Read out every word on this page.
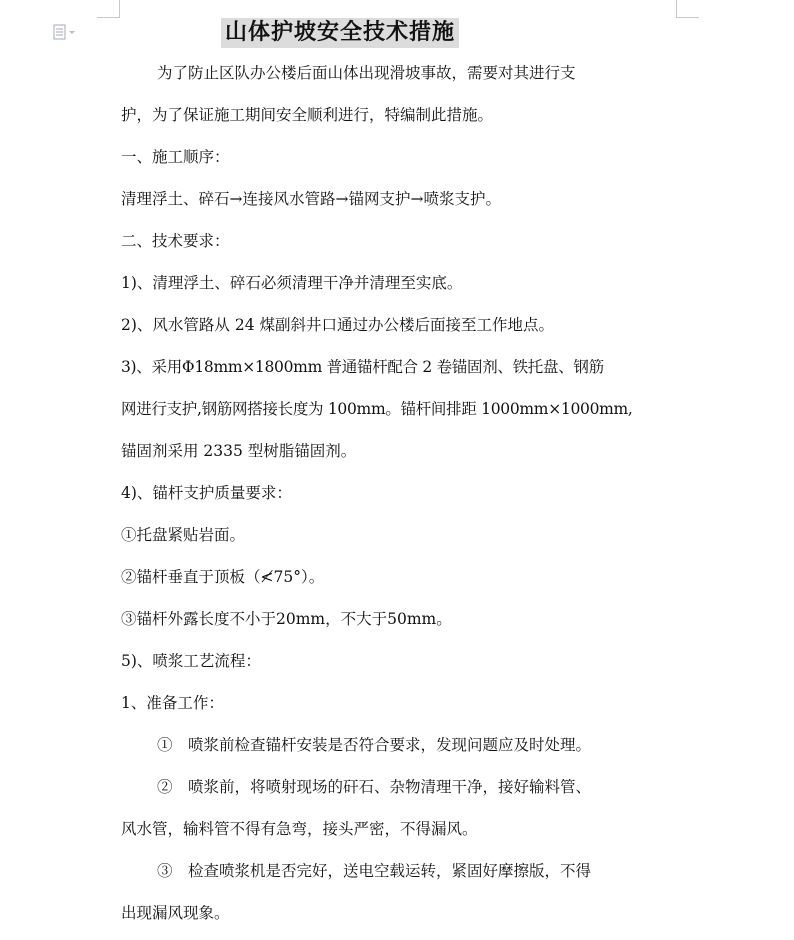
山体护坡安全技术措施

为了防止区队办公楼后面山体出现滑坡事故，需要对其进行支

护，为了保证施工期间安全顺利进行，特编制此措施。

一、施工顺序：

清理浮土、碎石→连接风水管路→锚网支护→喷浆支护。

二、技术要求：

1)、清理浮土、碎石必须清理干净并清理至实底。

2)、风水管路从 24 煤副斜井口通过办公楼后面接至工作地点。

3)、采用Φ18mm×1800mm 普通锚杆配合 2 卷锚固剂、铁托盘、钢筋

网进行支护,钢筋网搭接长度为 100mm。锚杆间排距 1000mm×1000mm,

锚固剂采用 2335 型树脂锚固剂。

4)、锚杆支护质量要求：

①托盘紧贴岩面。

②锚杆垂直于顶板（≮75°）。

③锚杆外露长度不小于20mm，不大于50mm。

5)、喷浆工艺流程：

1、准备工作：

①　喷浆前检查锚杆安装是否符合要求，发现问题应及时处理。

②　喷浆前，将喷射现场的矸石、杂物清理干净，接好输料管、

风水管，输料管不得有急弯，接头严密，不得漏风。

③　检查喷浆机是否完好，送电空载运转，紧固好摩擦版，不得

出现漏风现象。
